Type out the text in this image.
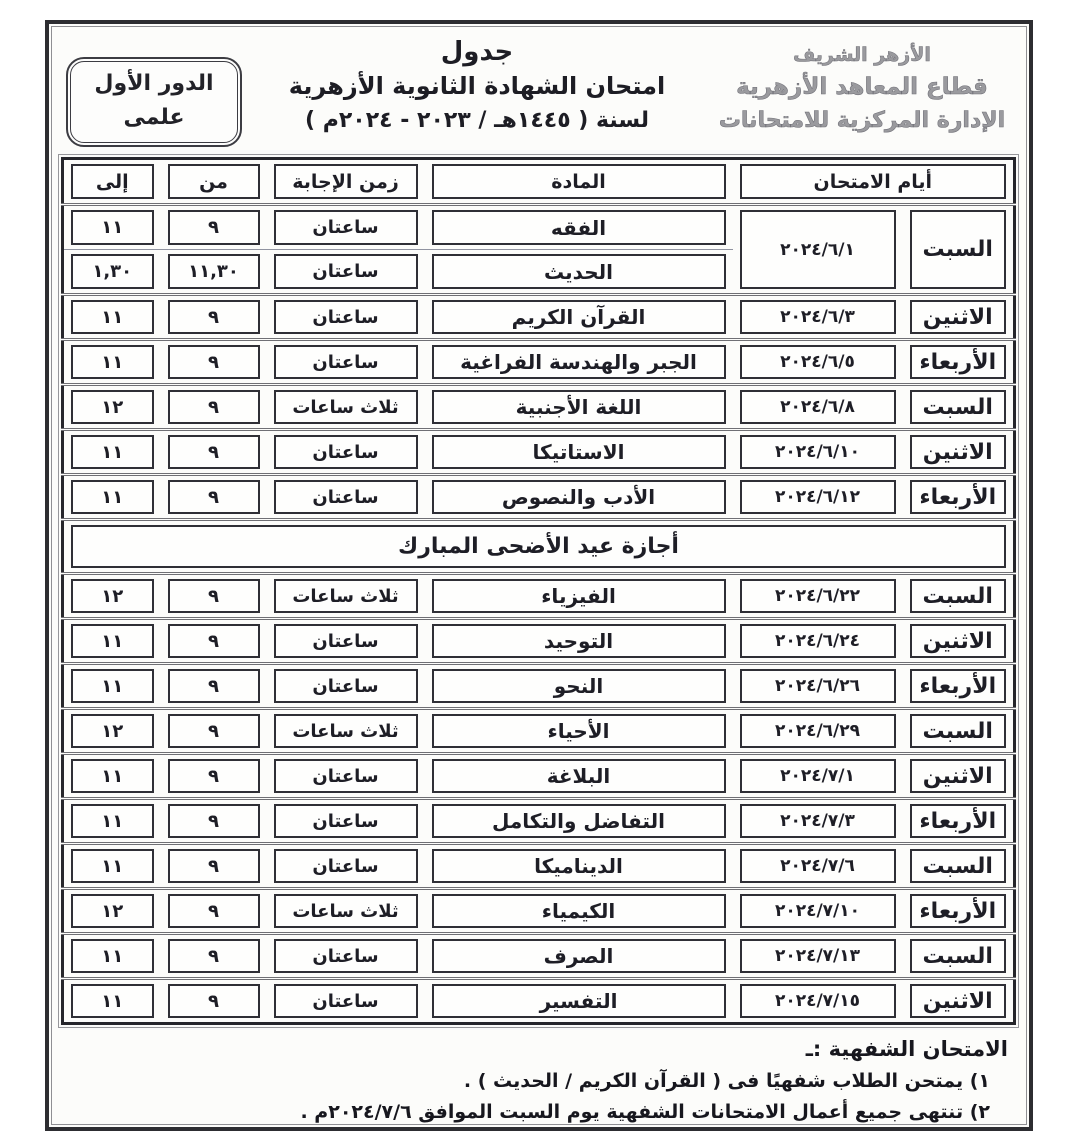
الأزهر الشريف
قطاع المعاهد الأزهرية
الإدارة المركزية للامتحانات
جدول
امتحان الشهادة الثانوية الأزهرية
لسنة ( ١٤٤٥هـ / ٢٠٢٣ - ٢٠٢٤م )
الدور الأول
علمى
أيام الامتحان		المادة	زمن الإجابة	من	إلى

السبت	٢٠٢٤/٦/١	الفقه	ساعتان	٩	١١

الحديث	ساعتان	١١,٣٠	١,٣٠

الاثنين	٢٠٢٤/٦/٣	القرآن الكريم	ساعتان	٩	١١

الأربعاء	٢٠٢٤/٦/٥	الجبر والهندسة الفراغية	ساعتان	٩	١١

السبت	٢٠٢٤/٦/٨	اللغة الأجنبية	ثلاث ساعات	٩	١٢

الاثنين	٢٠٢٤/٦/١٠	الاستاتيكا	ساعتان	٩	١١

الأربعاء	٢٠٢٤/٦/١٢	الأدب والنصوص	ساعتان	٩	١١

أجازة عيد الأضحى المبارك					

السبت	٢٠٢٤/٦/٢٢	الفيزياء	ثلاث ساعات	٩	١٢

الاثنين	٢٠٢٤/٦/٢٤	التوحيد	ساعتان	٩	١١

الأربعاء	٢٠٢٤/٦/٢٦	النحو	ساعتان	٩	١١

السبت	٢٠٢٤/٦/٢٩	الأحياء	ثلاث ساعات	٩	١٢

الاثنين	٢٠٢٤/٧/١	البلاغة	ساعتان	٩	١١

الأربعاء	٢٠٢٤/٧/٣	التفاضل والتكامل	ساعتان	٩	١١

السبت	٢٠٢٤/٧/٦	الديناميكا	ساعتان	٩	١١

الأربعاء	٢٠٢٤/٧/١٠	الكيمياء	ثلاث ساعات	٩	١٢

السبت	٢٠٢٤/٧/١٣	الصرف	ساعتان	٩	١١

الاثنين	٢٠٢٤/٧/١٥	التفسير	ساعتان	٩	١١
الامتحان الشفهية :ـ
١) يمتحن الطلاب شفهيًا فى ( القرآن الكريم / الحديث ) .
٢) تنتهى جميع أعمال الامتحانات الشفهية يوم السبت الموافق ٢٠٢٤/٧/٦م .
